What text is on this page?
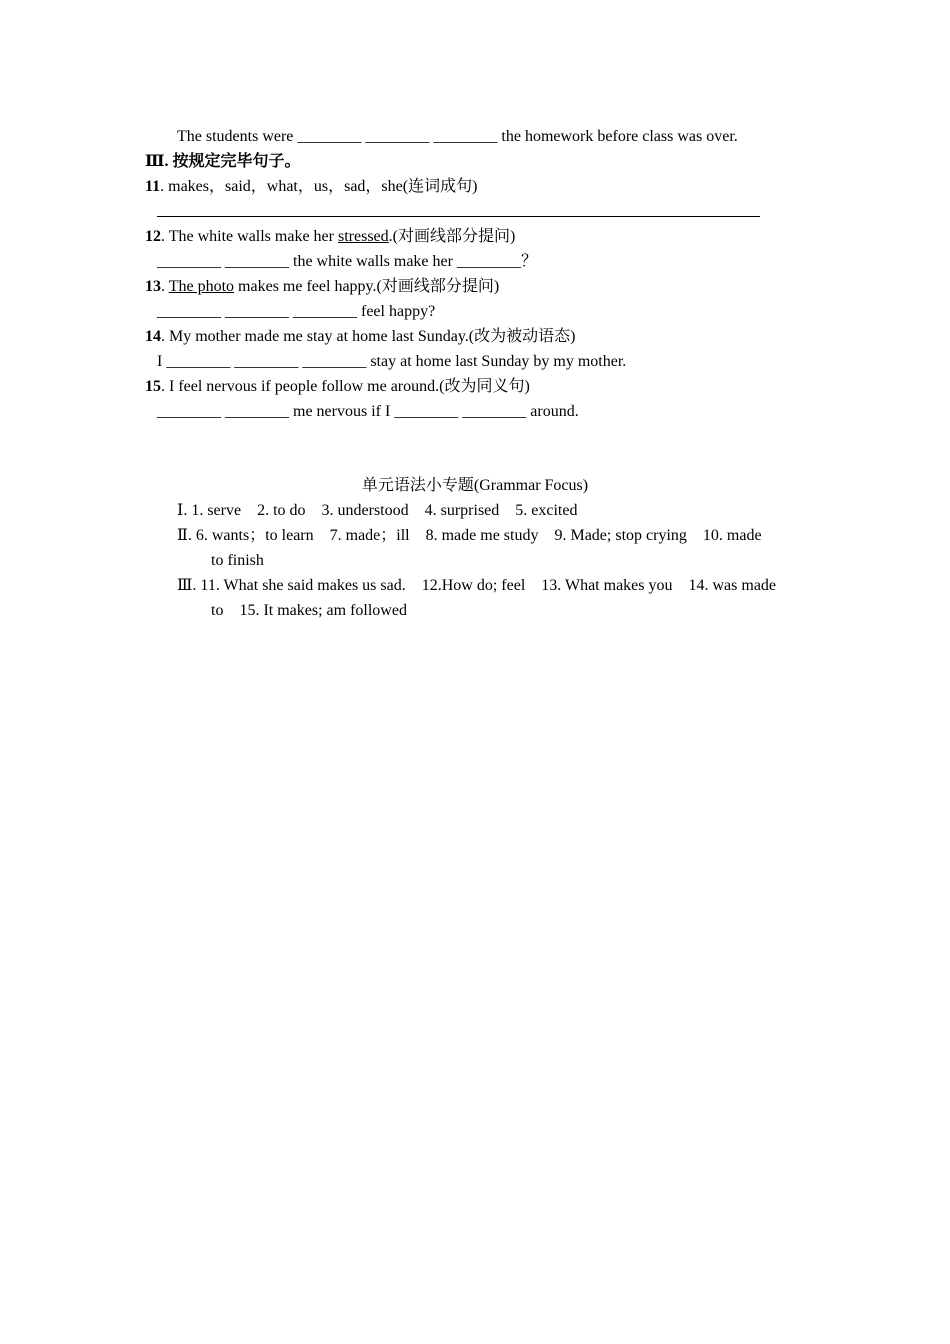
The students were ________ ________ ________ the homework before class was over.
Ⅲ. 按规定完毕句子。
11. makes，said，what，us，sad，she(连词成句)
12. The white walls make her stressed.(对画线部分提问)
________ ________ the white walls make her ________？
13. The photo makes me feel happy.(对画线部分提问)
________ ________ ________ feel happy?
14. My mother made me stay at home last Sunday.(改为被动语态)
I ________ ________ ________ stay at home last Sunday by my mother.
15. I feel nervous if people follow me around.(改为同义句)
________ ________ me nervous if I ________ ________ around.
单元语法小专题(Grammar Focus)
Ⅰ. 1. serve    2. to do    3. understood    4. surprised    5. excited
Ⅱ. 6. wants；to learn    7. made；ill    8. made me study    9. Made; stop crying    10. made
to finish
Ⅲ. 11. What she said makes us sad.    12.How do; feel    13. What makes you    14. was made
to    15. It makes; am followed
